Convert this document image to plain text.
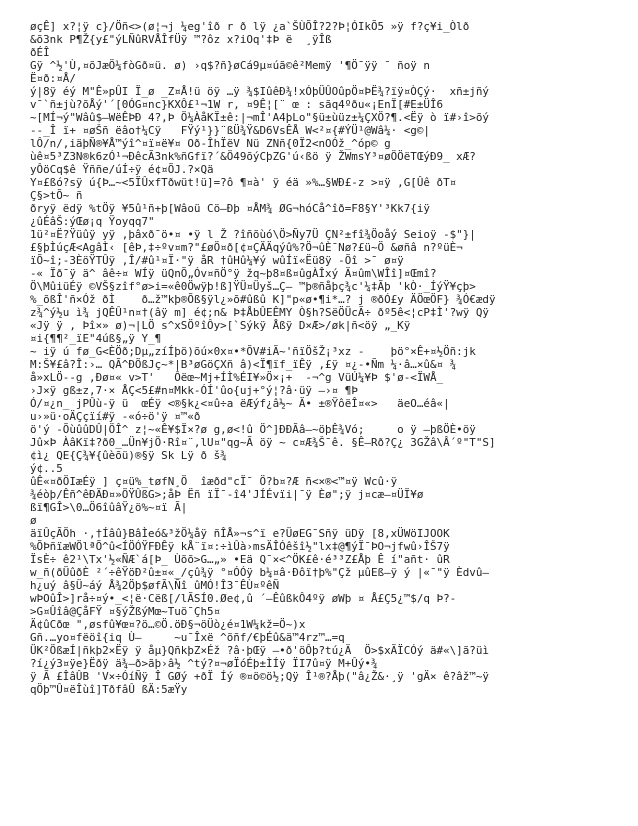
øçÊ] x?¦ÿ c}/Öñ<>(ø¦¬j ¼eg'îð r ð lÿ ¿a`ŠÙÕÎ?2?Þ¦ÓIkÕ5 »ÿ f?ç¥i_Òlð
&õ3nk P¶Ž{y£"ýLÑûRVÅÎfÜÿ ™?ôz x?iOq'‡Þ ë  ¸ÿÎß
ðÉÎ
Gÿ ^½'Ù,¤õJæÖ¼fòGð¤ü. ø) ›q$?ñ}øCá9µ¤úã©ê²Memÿ '¶Ö¯ÿÿ ¯ ñoÿ n
Ë¤ð:¤Å/
ý|8ÿ éý M"Ê»pÛI Ï_ø _Z¤Å!ü öÿ …ÿ ¾$IûêÐ¾!xÓþÜÛOûpÖ¤ÞË¾?ïÿ¤ÒÇý·  xñ±jñý
v¯`ñ±jù?õÅý'´[0ÓG¤nc}KXÔ£¹¬1W r, ¤9Ê¦[¨ œ : sãq4ºðu«¡EnÏ[#E±ÜÎ6
~[MÍ¬ý"Wâû$—WëÊÞÐ 4?,Þ Ö¼ÀåKÏ±ê:|¬mÎ'A4þLo"§ü±ùüz±¼ÇXÖ?¶.<Ëÿ ò ï#›î>õý
--_Î ï+ ¤øŠñ ëâo†¼Cÿ   FŸý¹}}¨ßÜ¾Ÿ&D6VsÊÅ W<²¤{#ÝÜ¹@Wâ¼· <g©|
lÔ/n/,iäþÑ®¥Å™ýî^¤ï¤ë¥¤ Oð-ÎhÏëV Nü ZNñ{0Ï2<nOÓž_^óp© g
ùê¤5³Z3N®k6zÓ¹¬ÐêcÃ3nk%ñGfï?´&Ö49õýCþZG'ú‹ßö ÿ ŽWmsY³¤øÖÖëTŒýÐ9_ xÆ?
yÔöCq$ê Ÿññe/úÍ÷ÿ é¢¤ÕJ.?×Qä
Y¤£ßó?sÿ ú{Þ…~<5ÏÛxfTðwüt!ü]=?ô ¶¤à' ÿ éä »%…§WÐ£-z >¤ÿ ,G[Ûê ðT¤
Ç§>tÕ~ ñ
ðryÿ ëdÿ %tÖÿ ¥5û¹ñ+þ[Wâoü Cö—Ðþ ¤ÅM¾ ØG¬hóCå^îð=F8§Y'³Kk7{iÿ
¿ûÉâŠ:ýŒø¡q Ÿoyqq7"
1ü²¤Ë?Ÿüûÿ yÿ ,þâxð¯ö•¤ •ÿ l Ž ?îñõùó\Ö>Ñy7Ü ÇN²±fî¾Öoåý Seioÿ -$"}|
£§þÌúçÆ<AgâÌ‹ [êÞ,‡÷ºv¤m?"£øÖ¤ð[¢¤ÇÄÄqýû%?Ö¬ûÈ¯Nø?£ü~Ö &øñâ n?ºüÈ¬
ïÕ~î;-3ÈöŸTÛÿ ,Î/#û¹¤Ï·"ÿ åR †ûHû¼¥ý wûÍï«Ëü8ÿ -Õî >¯ ø¤ÿ
-« Ïð¯ÿ ä^ âê÷¤ WÍÿ üQnÕ„Óv¤ñÖ°ÿ žq~þ8¤ß¤ûgÀÎxý Ä¤ûm\WÎî]¤Œmî?
Ö\MûiüÉÿ ©VŠ§zîf°ø>i=«ê0Öwÿþ!ß]ŸÜ¤Üyš…Ç— ™þ®ñåþç¾c'¼‡Ãþ 'kÒ·_ÍýŸ¥çþ>
%_õßÎ'ñ×Óž ðÌ    ð…ž™kþ®Õß§ÿl¿»õ#ûßû K]"p«ø•¶i*…? j ®ðÓ£y ÄÖœÖF} ¾Ó€ædÿ
z¾^ý½u ì¾ jQÊÛ¹n¤†(âÿ m] é¢;n& Þ‡ÅbÛEÊMY Ò§h?SëÖÜcÃ÷ ðº5ê<¦cP‡Ì'?wÿ Qÿ
«Jÿ ÿ , Þî×» ø)¬|LÖ s^xSÖºîÔy>[`Sýkÿ Åßÿ D×Æ>/øk|ñ<öÿ „_Kÿ
¤i{¶¶²_ïE"4úß§„ÿ Y_¶
~ iÿ ú fø_G<ÈÖð;Dµ„zíÍþö)õú×0x¤•*ÕV#iÃ~'ñïÖšŽ¡³xz -    þö°×Ê+¤½Öñ:jk
M:Š¥£â?Î:›… QÃ^ÐÖßJç~*|B³øGöÇXñ â)<Ï¶ïf_ïÊÿ ,£ÿ ¤¿-•Ñm ¼·â…×û&¤ ¾
å»xLÖ--g ,Ðø¤« v>T'   Ôëœ~Mj+ÍÌ%ÉI¥»Ö×¡+  -¬^g VüÚ¼¥Þ $'ø-<ÏWÅ_
›J×ÿ gß±z,7·× ÅÇ<5£#n¤Mkk-ÓÍ'ûo{uj+°ý¦?â·üÿ –›¤ ¶Þ
Ó/¤¿n_ jPÛù-ÿ ü  œÉÿ <®§k¿<¤û÷a ëÆýf¿â½~ Ä• ±®ŸôëÎ¤«>   äeO…éâ«|
u›»ü·oÄÇçïí#ÿ -«ó÷ö'ÿ ¤™«ð
ö'ý -ÕùûûDÛ|ÖÎ^ z¦~«Ê¥$Ï×?ø g,ø<!û Ö^]ÐÐÃâ—~öþÊ¾Vó;     o ÿ –þßÖÈ•öÿ
Jû×Þ ÀâKï‡?ð0_…Ün¥jÖ·Rî¤¨,lU¤"qg~Ã öÿ ~ c¤Æ¾Š¯ê. §Ê–Rð?Ç¿ 3GŽâ\Â´º"T"S]
¢ì¿ QE{Ç¾¥{ûèõü)®§ÿ Sk Lÿ ð š¾
ý¢..5
ûÊ«¤ðÖIæÉÿ ] ç¤ü%_tøfN¸Ö  îæðd"cÏ¯ Ö?b¤?Æ ñ<×®<™¤ÿ Wcû·ÿ
¾éòþ/Êñ^êÐÄÐ¤»ÖŸÛßG>;åÞ Ëñ ïÏ¯-î4'JÍÉvïi|¯ÿ Èø";ÿ j¤cæ–¤ÜÏ¥ø
ßï¶GÎ>\0…Ö6îûâŸ¿ö%~¤ï Ã|
ø
äïÛçÃÖh ·‚†Íâû}BâÌeó&³žÖ¼åÿ ñÎÅ»¬s^ï e?ÜøEG¯Sñÿ üDÿ [8,xÜWöIJOOK
%ÕÞñïæWÖlªÕ^û<ÍÖÓŸFÐÊÿ kÅ¨ï¤:÷ìÛà›msÄÎÓêšî½"lx‡@¶ýÏ¯ÞO¬jfwû›ÎŠ7ÿ
ÏsÈ÷ ê2¹\Tx'½«ÑÆ`á[Þ_ Ùõõ>G…„» •Eä Q¯×<^ÖK£ê·é³³Z£Åþ Ê í"añt· ûR
w_ñ(ðÜûðÈ ²´÷êŸöÐ²û±¤«_/çû¾ÿ °¤ÓÓÿ b¼¤â·Ðôï†þ%"Çž µûEß—ÿ ý |«¯"ÿ Èdvû—
h¿uý â§Ü~áý Å¾2Öþ$øfÃ\Ñî ûMÓ!Î3¯ÊÙ¤ºêÑ
wÞOûÎ>]rå÷¤ý•_<¦ë·Cëß[/lÃSÍ0.Øe¢,û ´–ÊûßkÔ4ºÿ øWþ ¤ Å£Ç5¿™$/q Þ?-
>G¤Ûîâ@ÇåFŸ ¤§ýŽßýMœ~Tuö¯Çh5¤
Ä¢ûCðœ ",øsfû¥œ¤?ö…©Ö.öÐ§¬öÜò¿é¤1W¼kž=Ö~)x
Gñ.…yo¤fëöî{iq Ù—     ~u¯Îxë ^õñf/€þÉû&ä™4rz™…=q
ÜK²ÖßæÍ|ñkþ2×Ëÿ ÿ åµ}QñkþZ×Éž ?â·þŒÿ –•ð'öÔþ?tú¿Ä  Ö>$xÃÏCÓý ä#«\]ã?üì
?í¿ý3¤ÿe}Ëðÿ ä¾—ð>ãþ›â½ ^tý?¤¬øÏóÉþ±ÌÍÿ ÏI7û¤ÿ M+Ûý•¾
ÿ Ã £ÎâÛB 'V×÷ÓíÑÿ Î GØý +ðÏ Íý ®¤ö©ö½;Qÿ Î¹®?Åþ("â¿Ž&·¸ÿ 'gÄ× ê?âž™~ÿ
qÖþ™Û¤ëÎùî]TðfâÛ ßÄ:5æŸy
